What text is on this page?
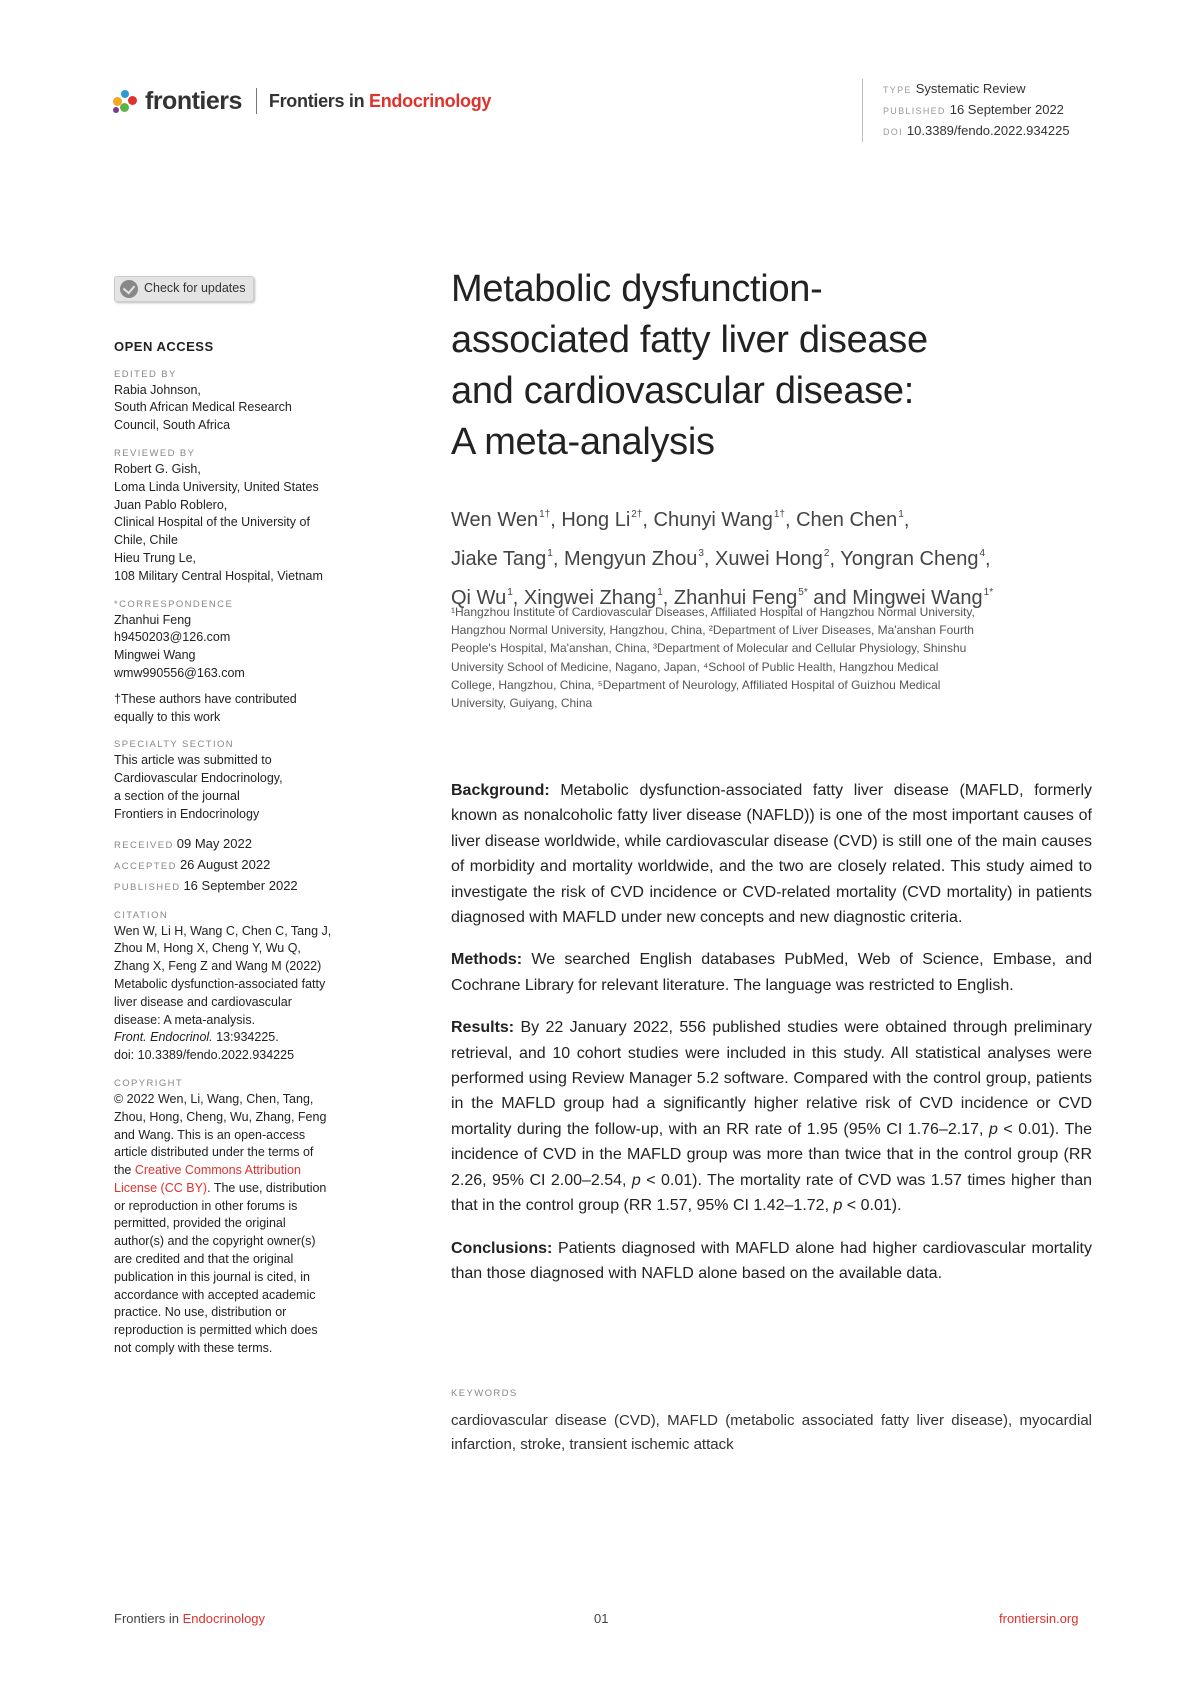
frontiers Frontiers in Endocrinology
TYPE Systematic Review
PUBLISHED 16 September 2022
DOI 10.3389/fendo.2022.934225
Check for updates
OPEN ACCESS
EDITED BY
Rabia Johnson,
South African Medical Research
Council, South Africa
REVIEWED BY
Robert G. Gish,
Loma Linda University, United States
Juan Pablo Roblero,
Clinical Hospital of the University of
Chile, Chile
Hieu Trung Le,
108 Military Central Hospital, Vietnam
*CORRESPONDENCE
Zhanhui Feng
h9450203@126.com
Mingwei Wang
wmw990556@163.com
†These authors have contributed
equally to this work
SPECIALTY SECTION
This article was submitted to
Cardiovascular Endocrinology,
a section of the journal
Frontiers in Endocrinology
RECEIVED 09 May 2022
ACCEPTED 26 August 2022
PUBLISHED 16 September 2022
CITATION
Wen W, Li H, Wang C, Chen C, Tang J,
Zhou M, Hong X, Cheng Y, Wu Q,
Zhang X, Feng Z and Wang M (2022)
Metabolic dysfunction-associated fatty
liver disease and cardiovascular
disease: A meta-analysis.
Front. Endocrinol. 13:934225.
doi: 10.3389/fendo.2022.934225
COPYRIGHT
© 2022 Wen, Li, Wang, Chen, Tang,
Zhou, Hong, Cheng, Wu, Zhang, Feng
and Wang. This is an open-access
article distributed under the terms of
the Creative Commons Attribution
License (CC BY). The use, distribution
or reproduction in other forums is
permitted, provided the original
author(s) and the copyright owner(s)
are credited and that the original
publication in this journal is cited, in
accordance with accepted academic
practice. No use, distribution or
reproduction is permitted which does
not comply with these terms.
Metabolic dysfunction-
associated fatty liver disease
and cardiovascular disease:
A meta-analysis
Wen Wen$^{1\dagger}$, Hong $Li^{2\dagger}$, Chunyi Wang$^{1\dagger}$, Chen Chen$^1$,
Jiake Tang$^1$, Mengyun Zhou$^3$, Xuwei Hong$^2$, Yongran Cheng$^4$,
Qi Wu$^1$, Xingwei Zhang$^1$, Zhanhui Feng$^{5*}$ and Mingwei Wang$^{1*}$
¹Hangzhou Institute of Cardiovascular Diseases, Affiliated Hospital of Hangzhou Normal University,
Hangzhou Normal University, Hangzhou, China, ²Department of Liver Diseases, Ma'anshan Fourth
People's Hospital, Ma'anshan, China, ³Department of Molecular and Cellular Physiology, Shinshu
University School of Medicine, Nagano, Japan, ⁴School of Public Health, Hangzhou Medical
College, Hangzhou, China, ⁵Department of Neurology, Affiliated Hospital of Guizhou Medical
University, Guiyang, China

Background: Metabolic dysfunction-associated fatty liver disease (MAFLD, formerly known as nonalcoholic fatty liver disease (NAFLD)) is one of the most important causes of liver disease worldwide, while cardiovascular disease (CVD) is still one of the main causes of morbidity and mortality worldwide, and the two are closely related. This study aimed to investigate the risk of CVD incidence or CVD-related mortality (CVD mortality) in patients diagnosed with MAFLD under new concepts and new diagnostic criteria.

Methods: We searched English databases PubMed, Web of Science, Embase, and Cochrane Library for relevant literature. The language was restricted to English.

Results: By 22 January 2022, 556 published studies were obtained through preliminary retrieval, and 10 cohort studies were included in this study. All statistical analyses were performed using Review Manager 5.2 software. Compared with the control group, patients in the MAFLD group had a significantly higher relative risk of CVD incidence or CVD mortality during the follow-up, with an RR rate of 1.95 (95% CI 1.76–2.17, p < 0.01). The incidence of CVD in the MAFLD group was more than twice that in the control group (RR 2.26, 95% CI 2.00–2.54, p < 0.01). The mortality rate of CVD was 1.57 times higher than that in the control group (RR 1.57, 95% CI 1.42–1.72, p < 0.01).

Conclusions: Patients diagnosed with MAFLD alone had higher cardiovascular mortality than those diagnosed with NAFLD alone based on the available data.

KEYWORDS
cardiovascular disease (CVD), MAFLD (metabolic associated fatty liver disease), myocardial infarction, stroke, transient ischemic attack
Frontiers in Endocrinology	01	frontiersin.org
